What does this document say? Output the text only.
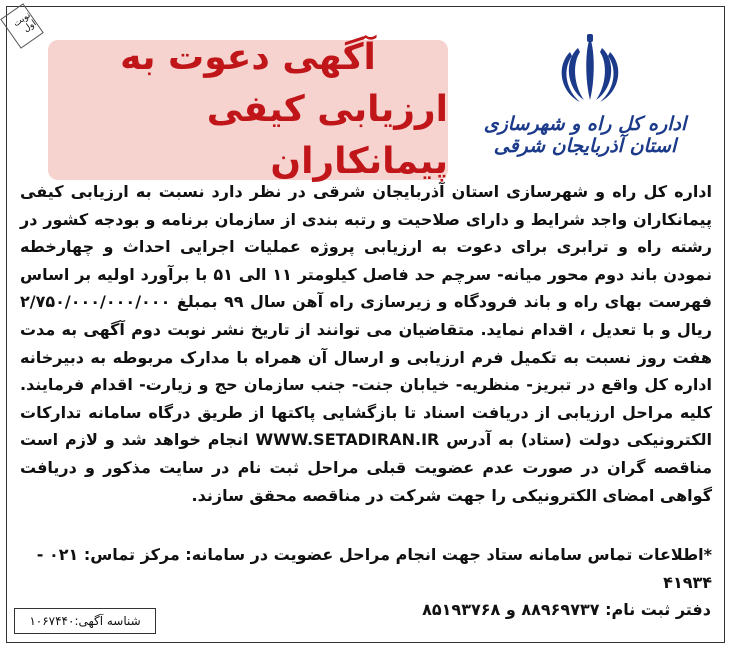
نوبت اول
آگهی دعوت به
ارزیابی کیفی پیمانکاران
اداره کل راه و شهرسازی استان آذربایجان شرقی

اداره کل راه و شهرسازی استان آذربایجان شرقی در نظر دارد نسبت به ارزیابی کیفی پیمانکاران واجد شرایط و دارای صلاحیت و رتبه بندی از سازمان برنامه و بودجه کشور در رشته راه و ترابری برای دعوت به ارزیابی پروژه عملیات اجرایی احداث و چهارخطه نمودن باند دوم محور میانه- سرچم حد فاصل کیلومتر ۱۱ الی ۵۱ با برآورد اولیه بر اساس فهرست بهای راه و باند فرودگاه و زیرسازی راه آهن سال ۹۹ بمبلغ ۲/۷۵۰/۰۰۰/۰۰۰/۰۰۰ ریال و با تعدیل ، اقدام نماید. متقاضیان می توانند از تاریخ نشر نوبت دوم آگهی به مدت هفت روز نسبت به تکمیل فرم ارزیابی و ارسال آن همراه با مدارک مربوطه به دبیرخانه اداره کل واقع در تبریز- منظریه- خیابان جنت- جنب سازمان حج و زیارت- اقدام فرمایند. کلیه مراحل ارزیابی از دریافت اسناد تا بازگشایی پاکتها از طریق درگاه سامانه تدارکات الکترونیکی دولت (ستاد) به آدرس WWW.SETADIRAN.IR انجام خواهد شد و لازم است مناقصه گران در صورت عدم عضویت قبلی مراحل ثبت نام در سایت مذکور و دریافت گواهی امضای الکترونیکی را جهت شرکت در مناقصه محقق سازند.

*اطلاعات تماس سامانه ستاد جهت انجام مراحل عضویت در سامانه: مرکز تماس: ۰۲۱ - ۴۱۹۳۴

دفتر ثبت نام: ۸۸۹۶۹۷۳۷ و ۸۵۱۹۳۷۶۸
شناسه آگهی:۱۰۶۷۴۴۰
